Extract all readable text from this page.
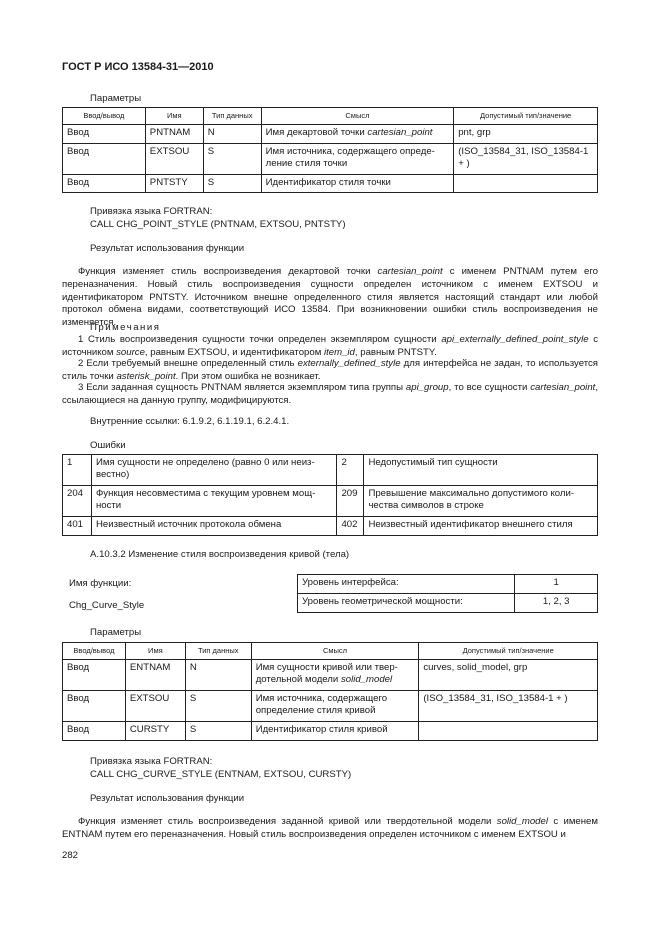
ГОСТ Р ИСО 13584-31—2010
Параметры
Ввод/вывод	Имя	Тип данных	Смысл	Допустимый тип/значение
Ввод	PNTNAM	N	Имя декартовой точки cartesian_point	pnt, grp
Ввод	EXTSOU	S	Имя источника, содержащего опреде-ление стиля точки	(ISO_13584_31, ISO_13584-1 + )
Ввод	PNTSTY	S	Идентификатор стиля точки	
Привязка языка FORTRAN:
CALL CHG_POINT_STYLE (PNTNAM, EXTSOU, PNTSTY)
Результат использования функции
Функция изменяет стиль воспроизведения декартовой точки cartesian_point с именем PNTNAM путем его переназначения. Новый стиль воспроизведения сущности определен источником с именем EXTSOU и идентификатором PNTSTY. Источником внешне определенного стиля является настоящий стандарт или любой протокол обмена видами, соответствующий ИСО 13584. При возникновении ошибки стиль воспроизведения не изменяется.
Примечания
1 Стиль воспроизведения сущности точки определен экземпляром сущности api_externally_defined_point_style с источником source, равным EXTSOU, и идентификатором item_id, равным PNTSTY.
2 Если требуемый внешне определенный стиль externally_defined_style для интерфейса не задан, то используется стиль точки asterisk_point. При этом ошибка не возникает.
3 Если заданная сущность PNTNAM является экземпляром типа группы api_group, то все сущности cartesian_point, ссылающиеся на данную группу, модифицируются.
Внутренние ссылки: 6.1.9.2, 6.1.19.1, 6.2.4.1.
Ошибки
1	Имя сущности не определено (равно 0 или неиз-вестно)	2	Недопустимый тип сущности
204	Функция несовместима с текущим уровнем мощ-ности	209	Превышение максимально допустимого коли-чества символов в строке
401	Неизвестный источник протокола обмена	402	Неизвестный идентификатор внешнего стиля
А.10.3.2 Изменение стиля воспроизведения кривой (тела)
Имя функции:
Chg_Curve_Style
Уровень интерфейса:	1
Уровень геометрической мощности:	1, 2, 3
Параметры
Ввод/вывод	Имя	Тип данных	Смысл	Допустимый тип/значение
Ввод	ENTNAM	N	Имя сущности кривой или твер-дотельной модели solid_model	curves, solid_model, grp
Ввод	EXTSOU	S	Имя источника, содержащего определение стиля кривой	(ISO_13584_31, ISO_13584-1 + )
Ввод	CURSTY	S	Идентификатор стиля кривой	
Привязка языка FORTRAN:
CALL CHG_CURVE_STYLE (ENTNAM, EXTSOU, CURSTY)
Результат использования функции
Функция изменяет стиль воспроизведения заданной кривой или твердотельной модели solid_model с именем ENTNAM путем его переназначения. Новый стиль воспроизведения определен источником с именем EXTSOU и
282
